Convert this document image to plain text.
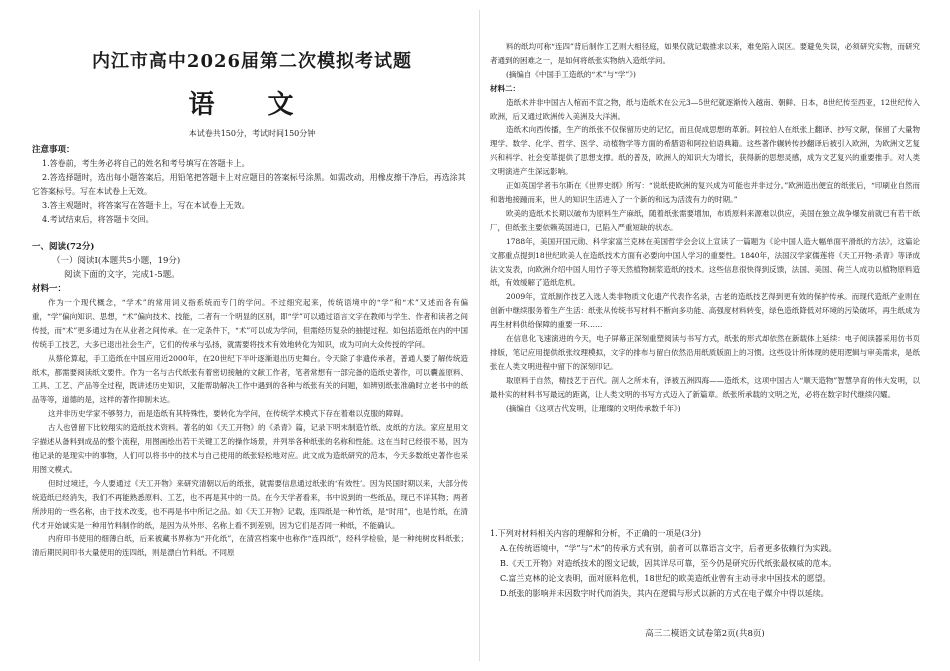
内江市高中2026届第二次模拟考试题

语 文

本试卷共150分，考试时间150分钟

注意事项：

1.答卷前，考生务必将自己的姓名和考号填写在答题卡上。

2.答选择题时，选出每小题答案后，用铅笔把答题卡上对应题目的答案标号涂黑。如需改动，用橡皮擦干净后，再选涂其它答案标号。写在本试卷上无效。

3.答主观题时，将答案写在答题卡上，写在本试卷上无效。

4.考试结束后，将答题卡交回。

一、阅读(72分)

（一）阅读Ⅰ(本题共5小题，19分)

阅读下面的文字，完成1-5题。

材料一：

作为一个现代概念，“学术”的常用词义指系统而专门的学问。不过细究起来，传统语境中的“学”和“术”又述而各有偏重，“学”偏向知识、思想，“术”偏向技术、技能，二者有一个明显的区别，即“学”可以通过语言文字在教师与学生、作者和读者之间传授，而“术”更多通过为在从业者之间传承。在一定条件下，“术”可以成为学问，但需经历复杂的抽提过程。如包括造纸在内的中国传统手工技艺，大多已退出社会生产，它们的传承与弘扬，就需要将技术有效地转化为知识，成为可向大众传授的学问。

从蔡伦算起，手工造纸在中国应用近2000年，在20世纪下半叶逐渐退出历史舞台。令天除了非遗传承者，普通人要了解传统造纸术，都需要阅读纸文要件。作为一名与古代纸张有着密切接触的文献工作者，笔者常想有一部完备的造纸史著作，可以囊盖原料、工具、工艺、产品等全过程，既讲述历史知识，又能帮助解决工作中遇到的各种与纸张有关的问题，如辨别纸张准确时立老书中的纸品等等，道德的是，这样的著作抑制未达。

这并非历史学家不够努力，而是造纸有其特殊性，要转化为学问，在传统学术模式下存在着难以克服的障碍。

古人也曾留下比较翔实的造纸技术资料。著名的如《天工开物》的《杀青》篇，记录下明末制造竹纸、皮纸的方法。家应星用文字描述从备料到成品的整个流程，用图画绘出若干关键工艺的操作场景，并列举各种纸张的名称和性能。这在当时已经很不易，因为他记录的是现实中的事物，人们可以将书中的技术与自己使用的纸张轻松地对应。此文成为造纸研究的范本，今天多数纸史著作也采用图文模式。

但时过境迁，今人要通过《天工开物》来研究清朝以后的纸张，就需要信息通过纸张的‘有效性’。因为民国时期以来，大部分传统造纸已经消失，我们不再能熟悉原料、工艺，也不再是其中的一员。在今天学者看来，书中说到的一些纸品，现已不详其物；两者所涉用的一些名称，由于技术改变，也不再是书中所记之品。如《天工开物》记载，连四纸是一种竹纸，是“时用”，也是竹纸，在清代才开始诚实是一种用竹料制作的纸，是因为从外形、名称上看不到差别，因为它们是否同一种纸，不能确认。

内府印书使用的细薄白纸，后来被藏书界称为“开化纸”，在清宫档案中也称作“连四纸”，经科学检验，是一种纯树皮料纸张；清后期民间印书大量使用的连四纸，则是漂白竹料纸。不同原

料的纸均可称“连四”背后制作工艺则大相径庭，如果仅就记载推求以来，难免陷入误区。要避免失误，必须研究实物，而研究者通到的困难之一，是如何将纸张实物纳入造纸学问。

(摘编自《中国手工造纸的“术”与“学”》)

材料二：

造纸术并非中国古人棺而不宣之物，纸与造纸术在公元3—5世纪就逐渐传入越南、朝鲜、日本，8世纪传至西亚，12世纪传入欧洲，后又通过欧洲传入美洲及大洋洲。

造纸术向西传播，生产的纸张不仅保留历史的记忆，而且促成思想的革新。阿拉伯人在纸张上翻译、抄写文献，保留了大量物理学、数学、化学、哲学、医学、动植物学等方面的希腊语和阿拉伯语典籍。这些著作辗转传抄翻译后被引入欧洲，为欧洲文艺复兴和科学、社会变革提供了思想支撑。纸的普及，欧洲人的知识大为增长，获得新的思想灵感，成为文艺复兴的重要推手。对人类文明演进产生深远影响。

正如英国学者韦尔斯在《世界史纲》所写：“说纸使欧洲的复兴成为可能也并非过分。”欧洲造出便宜的纸张后，“印刷业自然而和谐地接踵而来，世人的知识生活进入了一个新的和远为活泼有力的时期。”

欧美的造纸术长期以破布为原料生产麻纸，随着纸张需要增加，布质原料来源难以供应，美国在独立战争爆发前就已有若干纸厂，但纸张主要依赖英国进口，已陷入严重短缺的状态。

1788年，美国开国元勋、科学家富兰克林在美国哲学会会议上宣读了一篇题为《论中国人造大幅单面平滑纸的方法》，这篇论文都重点提到18世纪欧美人在造纸技术方面有必要向中国人学习的重要性。1840年，法国汉学家儒莲将《天工开物·杀青》等译成法文发表，向欧洲介绍中国人用竹子等天然植物制浆造纸的技术。这些信息很快得到反馈，法国、美国、荷兰人成功以植物原料造纸，有效缓解了造纸危机。

2009年，宣纸制作技艺入选人类非物质文化遗产代表作名录，古老的造纸技艺得到更有效的保护传承。而现代造纸产业则在创新中继续服务着生产生活：纸张从传统书写材料不断向多功能、高强度材料转变，绿色造纸降低对环境的污染破坏，再生纸成为再生材料供给保障的重要一环……

在信息化飞速演进的今天，电子屏幕正深刻重塑阅读与书写方式，纸张的形式却依然在新载体上延续：电子阅读器采用仿书页排版，笔记应用提供纸张纹理模拟，文字的排布与留白依然沿用纸质版面上的习惯。这些设计所体现的使用逻辑与审美需求，是纸张在人类文明进程中留下的深刻印记。

取原料于自然，精技艺于百代。剖人之所未有，泽被五洲四海——造纸术，这项中国古人“顺天造物”智慧孕育的伟大发明，以最朴实的材料书写最远的距离，让人类文明的书写方式迈入了新篇章。纸张所承载的文明之光，必将在数字时代继续闪耀。

(摘编自《这项古代发明，让璀璨的文明传承数千年》)

1.下列对材料相关内容的理解和分析，不正确的一项是(3分)

A.在传统语境中，“学”与“术”的传承方式有别，前者可以靠语言文字，后者更多依赖行为实践。

B.《天工开物》对造纸技术的图文记载，因其详尽可靠，至今仍是研究历代纸张最权威的范本。

C.富兰克林的论文表明，面对原料危机，18世纪的欧美造纸业曾有主动寻求中国技术的愿望。

D.纸张的影响并未因数字时代而消失，其内在逻辑与形式以新的方式在电子媒介中得以延续。

高三二模语文试卷第2页(共8页)
